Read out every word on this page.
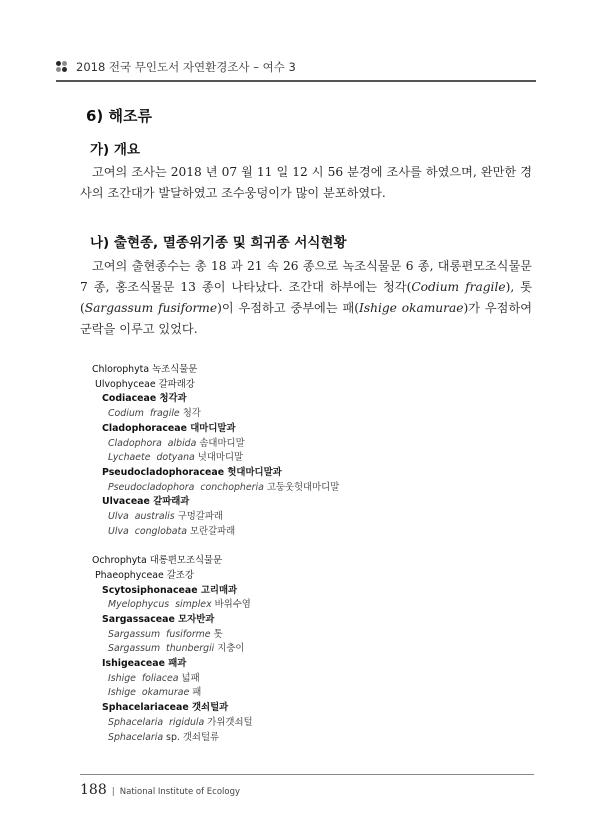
2018 전국 무인도서 자연환경조사 – 여수 3
6) 해조류
가) 개요

고여의 조사는 2018 년 07 월 11 일 12 시 56 분경에 조사를 하였으며, 완만한 경사의 조간대가 발달하였고 조수웅덩이가 많이 분포하였다.

나) 출현종, 멸종위기종 및 희귀종 서식현황

고여의 출현종수는 총 18 과 21 속 26 종으로 녹조식물문 6 종, 대롱편모조식물문 7 종, 홍조식물문 13 종이 나타났다. 조간대 하부에는 청각(Codium fragile), 톳(Sargassum fusiforme)이 우점하고 중부에는 패(Ishige okamurae)가 우점하여 군락을 이루고 있었다.

Chlorophyta 녹조식물문
Ulvophyceae 갈파래강
Codiaceae 청각과
Codium  fragile 청각
Cladophoraceae 대마디말과
Cladophora  albida 솜대마디말
Lychaete  dotyana 넛대마디말
Pseudocladophoraceae 헛대마디말과
Pseudocladophora  conchopheria 고둥웃헛대마디말
Ulvaceae 갈파래과
Ulva  australis 구멍갈파래
Ulva  conglobata 모란갈파래
Ochrophyta 대롱편모조식물문
Phaeophyceae 갈조강
Scytosiphonaceae 고리매과
Myelophycus  simplex 바위수염
Sargassaceae 모자반과
Sargassum  fusiforme 톳
Sargassum  thunbergii 지충이
Ishigeaceae 패과
Ishige  foliacea 넓패
Ishige  okamurae 패
Sphacelariaceae 갯쇠털과
Sphacelaria  rigidula 가위갯쇠털
Sphacelaria sp. 갯쇠털류
188 | National Institute of Ecology
